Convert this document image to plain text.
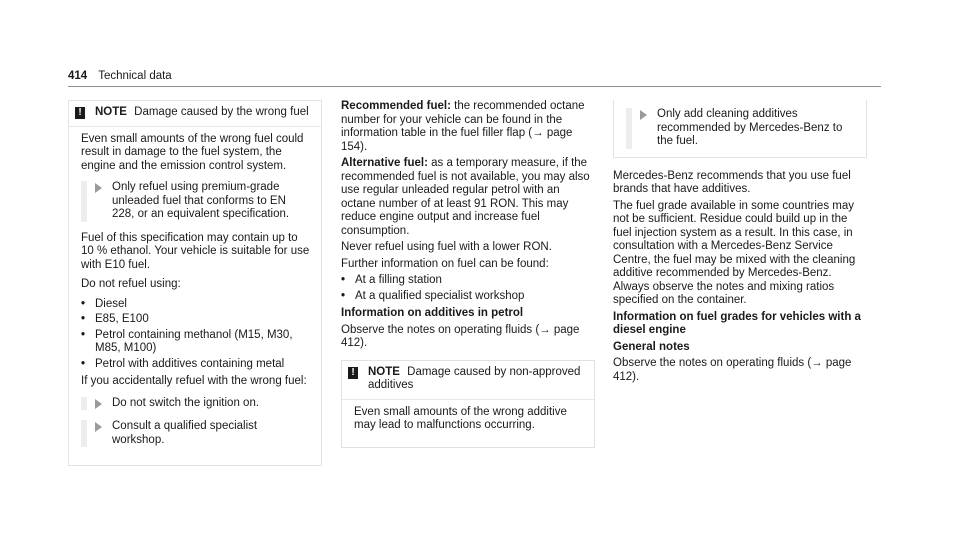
414 Technical data
! NOTE Damage caused by the wrong fuel

Even small amounts of the wrong fuel could result in damage to the fuel system, the engine and the emission control system.

Only refuel using premium-grade unleaded fuel that conforms to EN 228, or an equivalent specification.

Fuel of this specification may contain up to 10 % ethanol. Your vehicle is suitable for use with E10 fuel.

Do not refuel using:

• Diesel
• E85, E100
• Petrol containing methanol (M15, M30, M85, M100)
• Petrol with additives containing metal

If you accidentally refuel with the wrong fuel:

Do not switch the ignition on.
Consult a qualified specialist workshop.

Recommended fuel: the recommended octane number for your vehicle can be found in the information table in the fuel filler flap (→ page 154).

Alternative fuel: as a temporary measure, if the recommended fuel is not available, you may also use regular unleaded regular petrol with an octane number of at least 91 RON. This may reduce engine output and increase fuel consumption.

Never refuel using fuel with a lower RON.

Further information on fuel can be found:

• At a filling station
• At a qualified specialist workshop

Information on additives in petrol

Observe the notes on operating fluids (→ page 412).

! NOTE Damage caused by non-approved additives

Even small amounts of the wrong additive may lead to malfunctions occurring.

Only add cleaning additives recommended by Mercedes-Benz to the fuel.

Mercedes-Benz recommends that you use fuel brands that have additives.

The fuel grade available in some countries may not be sufficient. Residue could build up in the fuel injection system as a result. In this case, in consultation with a Mercedes-Benz Service Centre, the fuel may be mixed with the cleaning additive recommended by Mercedes-Benz. Always observe the notes and mixing ratios specified on the container.

Information on fuel grades for vehicles with a diesel engine

General notes

Observe the notes on operating fluids (→ page 412).
